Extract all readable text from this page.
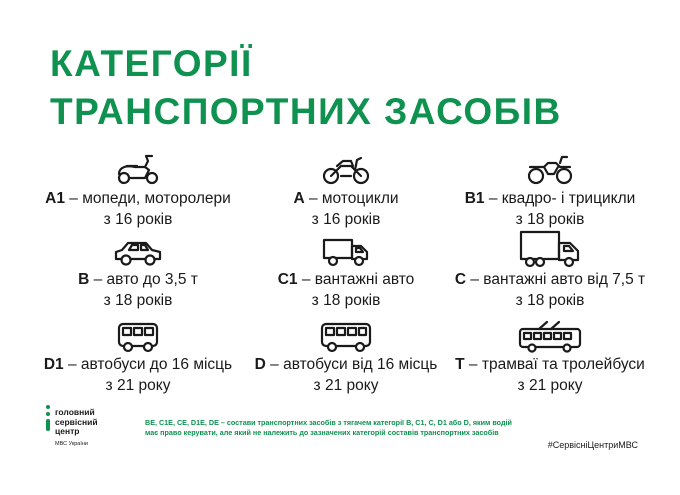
КАТЕГОРІЇ
ТРАНСПОРТНИХ ЗАСОБІВ
A1 – мопеди, моторолери
з 16 років
A – мотоцикли
з 16 років
B1 – квадро- і трицикли
з 18 років
B – авто до 3,5 т
з 18 років
C1 – вантажні авто
з 18 років
C – вантажні авто від 7,5 т
з 18 років
D1 – автобуси до 16 місць
з 21 року
D – автобуси від 16 місць
з 21 року
T – трамваї та тролейбуси
з 21 року
головний
сервісний
центр
МВС України
BE, C1E, CE, D1E, DE – состави транспортних засобів з тягачем категорії B, C1, C, D1 або D, яким водій має право керувати, але який не належить до зазначених категорій составів транспортних засобів
#СервісніЦентриМВС
